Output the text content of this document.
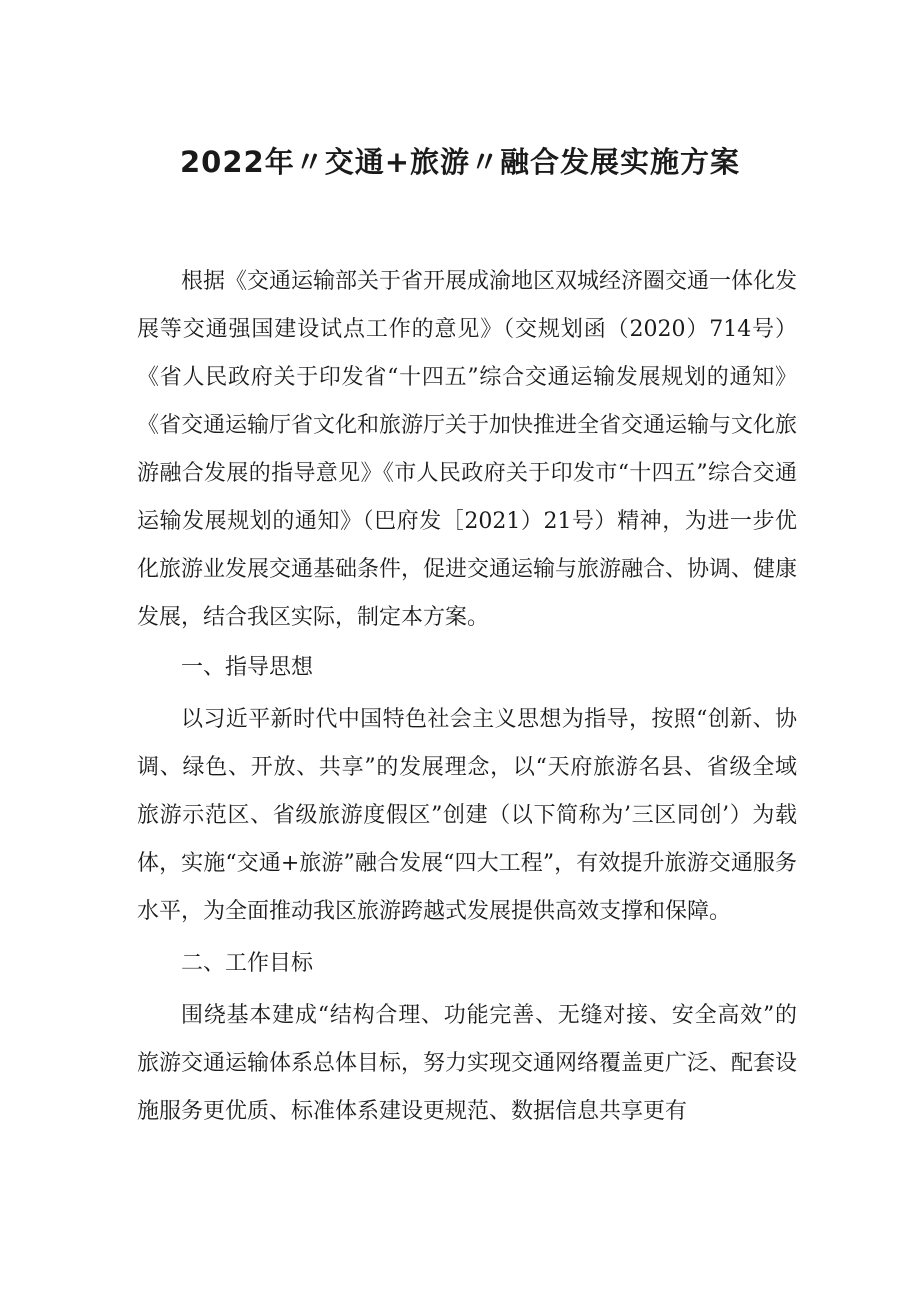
2022年〃交通+旅游〃融合发展实施方案

根据《交通运输部关于省开展成渝地区双城经济圈交通一体化发展等交通强国建设试点工作的意见》（交规划函（2020）714号）《省人民政府关于印发省“十四五”综合交通运输发展规划的通知》《省交通运输厅省文化和旅游厅关于加快推进全省交通运输与文化旅游融合发展的指导意见》《市人民政府关于印发市“十四五”综合交通运输发展规划的通知》（巴府发［2021）21号）精神，为进一步优化旅游业发展交通基础条件，促进交通运输与旅游融合、协调、健康发展，结合我区实际，制定本方案。

一、指导思想

以习近平新时代中国特色社会主义思想为指导，按照“创新、协调、绿色、开放、共享”的发展理念，以“天府旅游名县、省级全域旅游示范区、省级旅游度假区”创建（以下简称为’三区同创’）为载体，实施“交通+旅游”融合发展“四大工程”，有效提升旅游交通服务水平，为全面推动我区旅游跨越式发展提供高效支撑和保障。

二、工作目标

围绕基本建成“结构合理、功能完善、无缝对接、安全高效”的旅游交通运输体系总体目标，努力实现交通网络覆盖更广泛、配套设施服务更优质、标准体系建设更规范、数据信息共享更有
